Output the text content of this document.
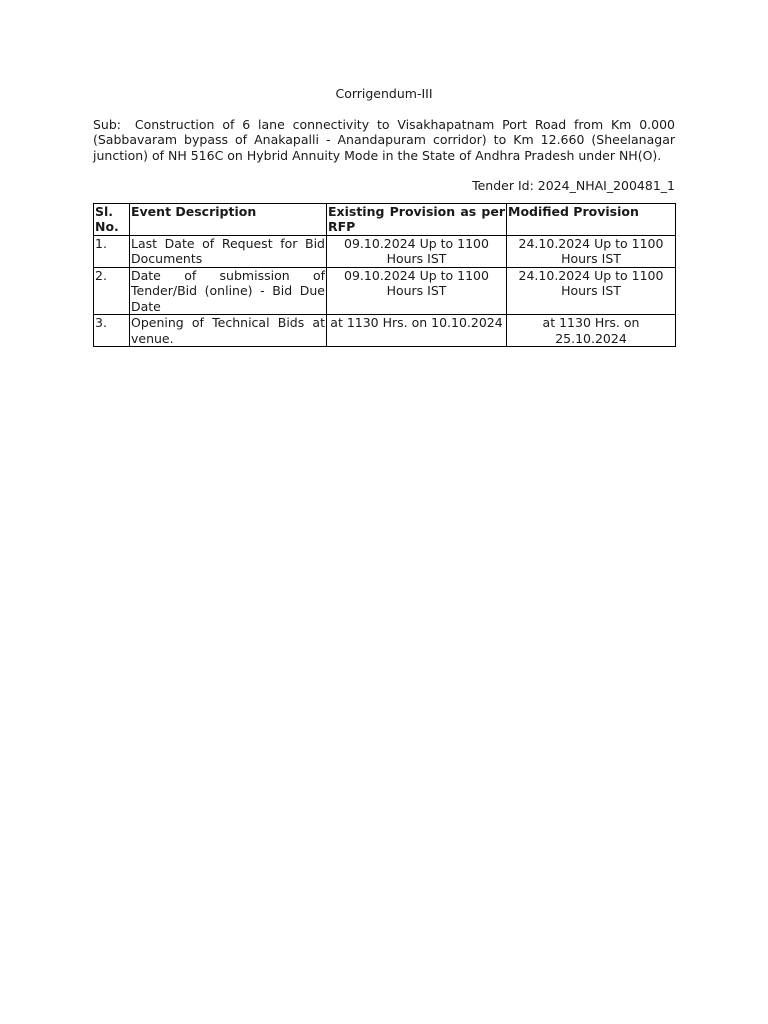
Corrigendum-III
Sub: Construction of 6 lane connectivity to Visakhapatnam Port Road from Km 0.000 (Sabbavaram bypass of Anakapalli - Anandapuram corridor) to Km 12.660 (Sheelanagar junction) of NH 516C on Hybrid Annuity Mode in the State of Andhra Pradesh under NH(O).
Tender Id: 2024_NHAI_200481_1
Sl. No.	Event Description	Existing Provision as per RFP	Modified Provision
1.	Last Date of Request for Bid Documents	09.10.2024 Up to 1100 Hours IST	24.10.2024 Up to 1100 Hours IST
2.	Date of submission of Tender/Bid (online) - Bid Due Date	09.10.2024 Up to 1100 Hours IST	24.10.2024 Up to 1100 Hours IST
3.	Opening of Technical Bids at venue.	at 1130 Hrs. on 10.10.2024	at 1130 Hrs. on 25.10.2024
